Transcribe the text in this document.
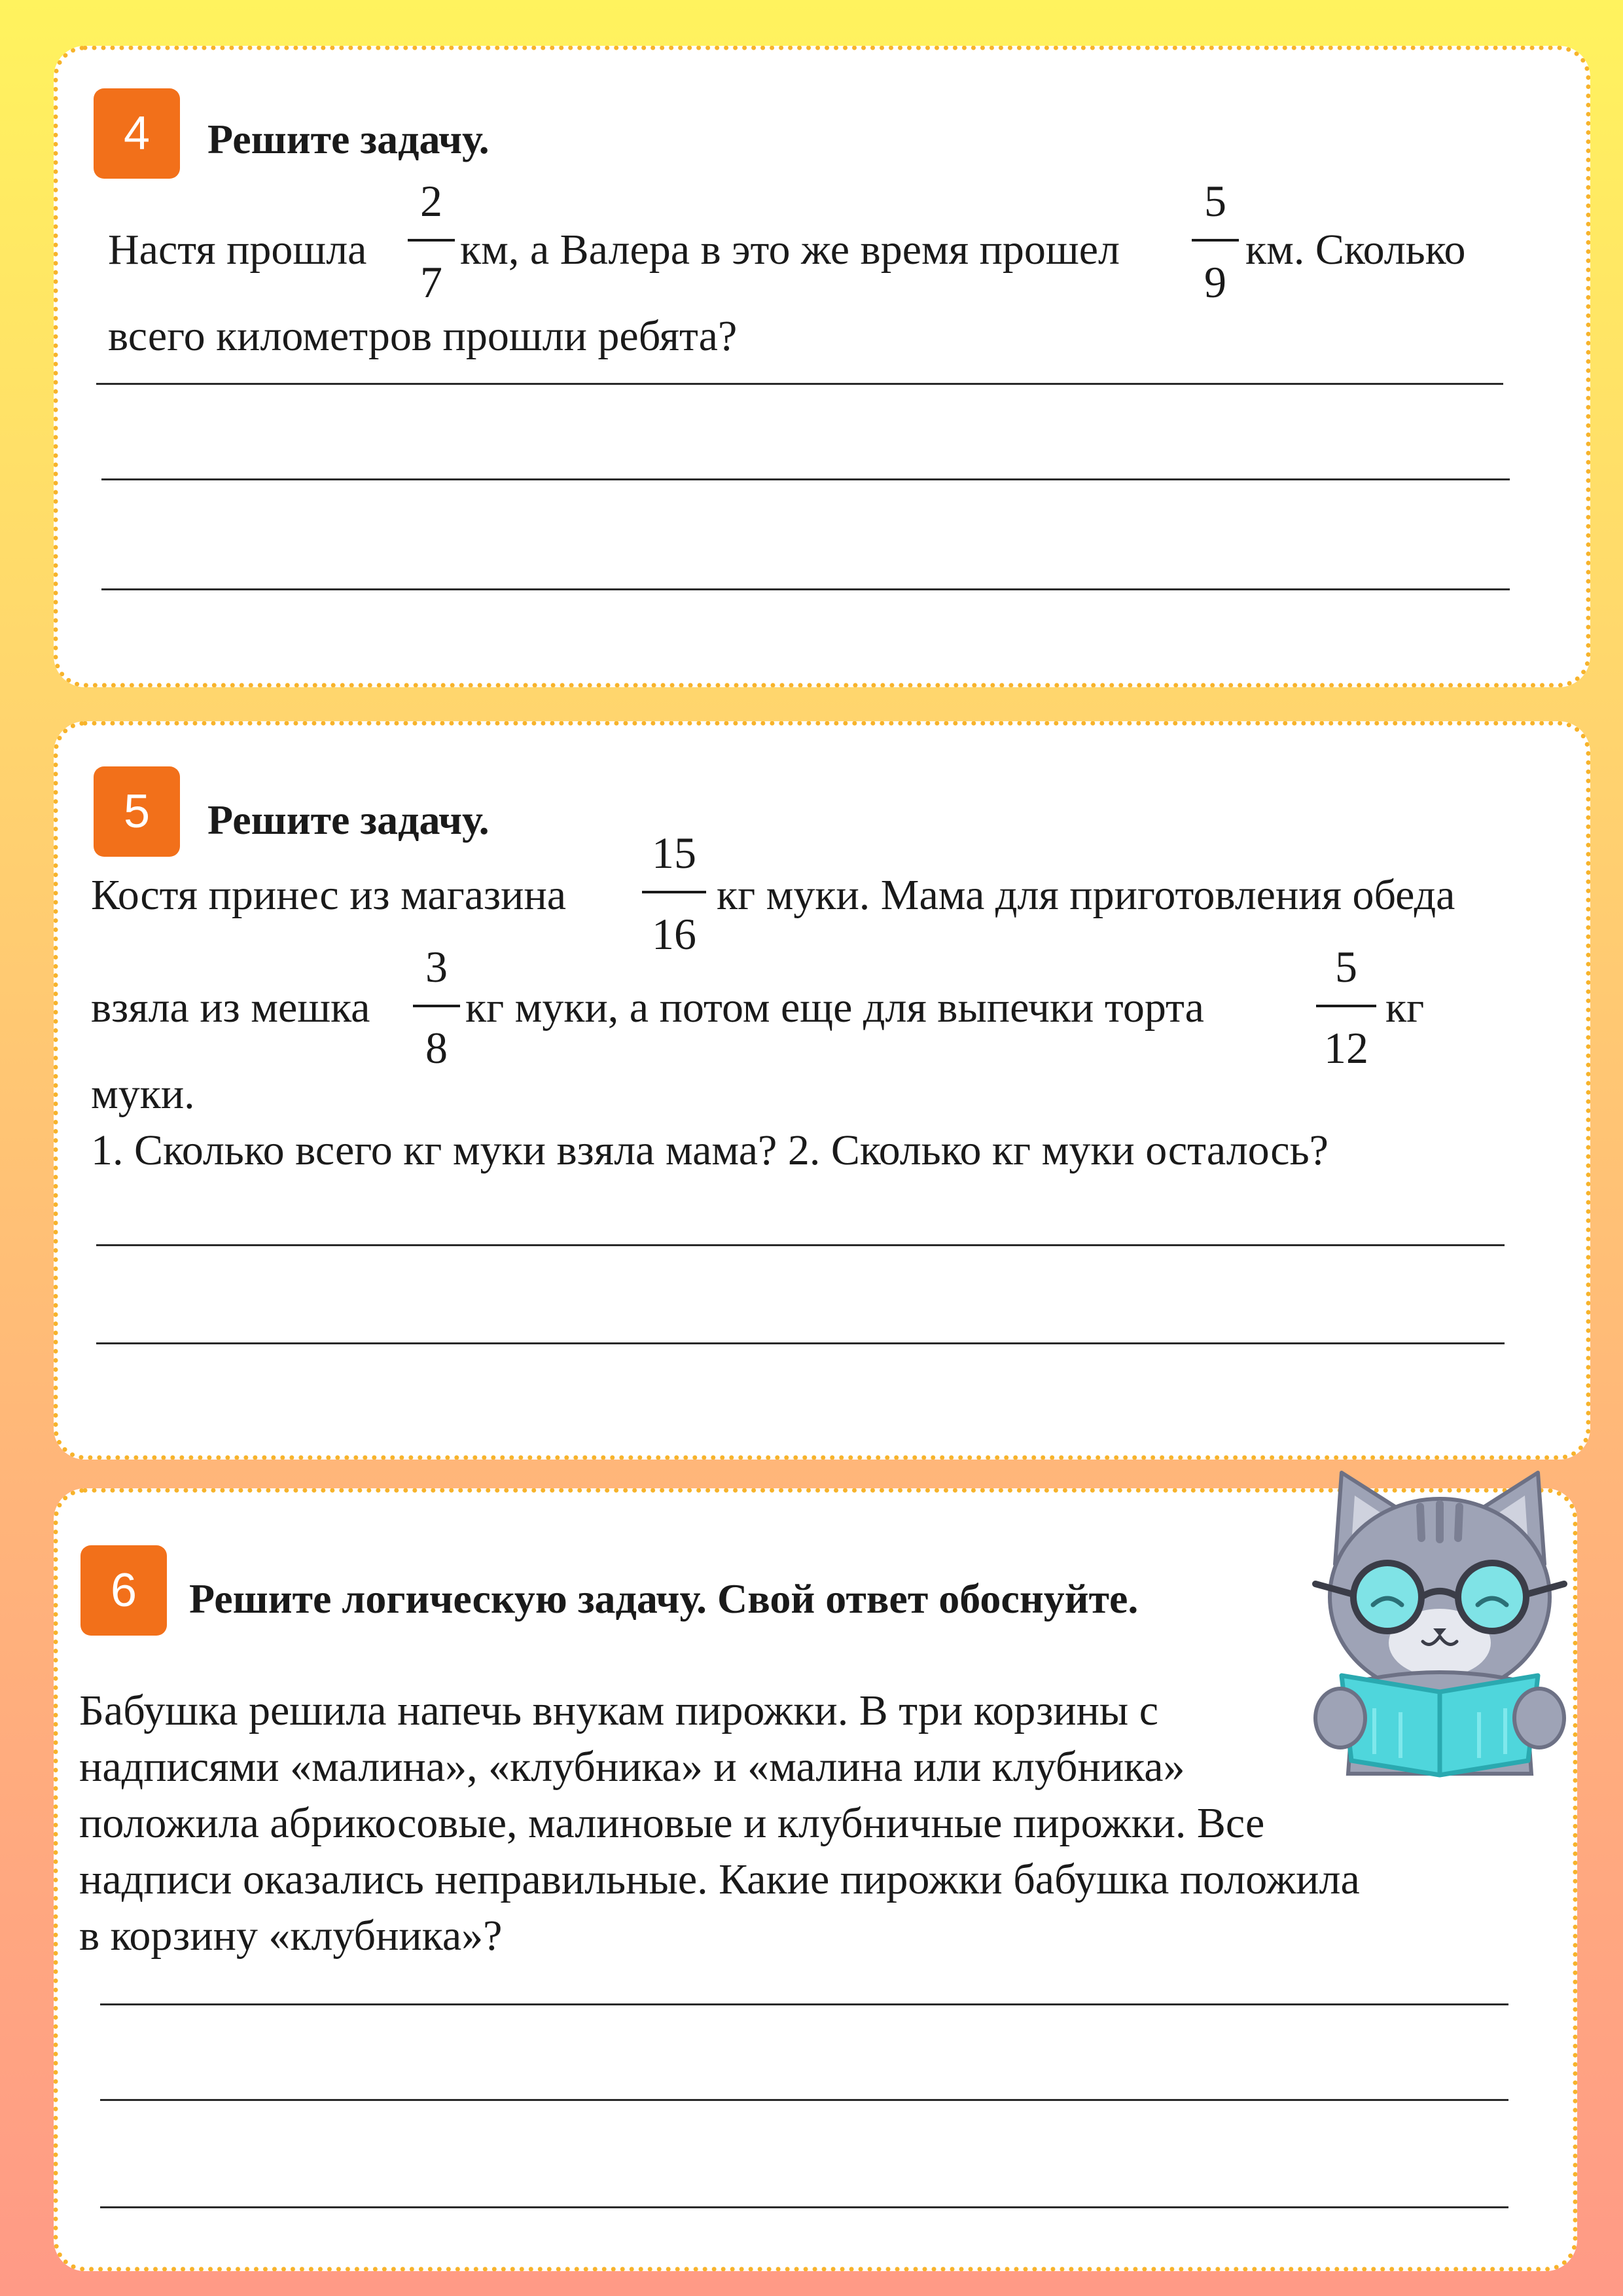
4	Решите задачу.
Настя прошла
2
7
км, а Валера в это же время прошел
5
9
км. Сколько
всего километров прошли ребята?
5	Решите задачу.
Костя принес из магазина
15
16
кг муки. Мама для приготовления обеда
взяла из мешка
3
8
кг муки, а потом еще для выпечки торта
5
12
кг
муки.
1. Сколько всего кг муки взяла мама? 2. Сколько кг муки осталось?
6	Решите логическую задачу. Свой ответ обоснуйте.
Бабушка решила напечь внукам пирожки. В три корзины с
надписями «малина», «клубника» и «малина или клубника»
положила абрикосовые, малиновые и клубничные пирожки. Все
надписи оказались неправильные. Какие пирожки бабушка положила
в корзину «клубника»?
